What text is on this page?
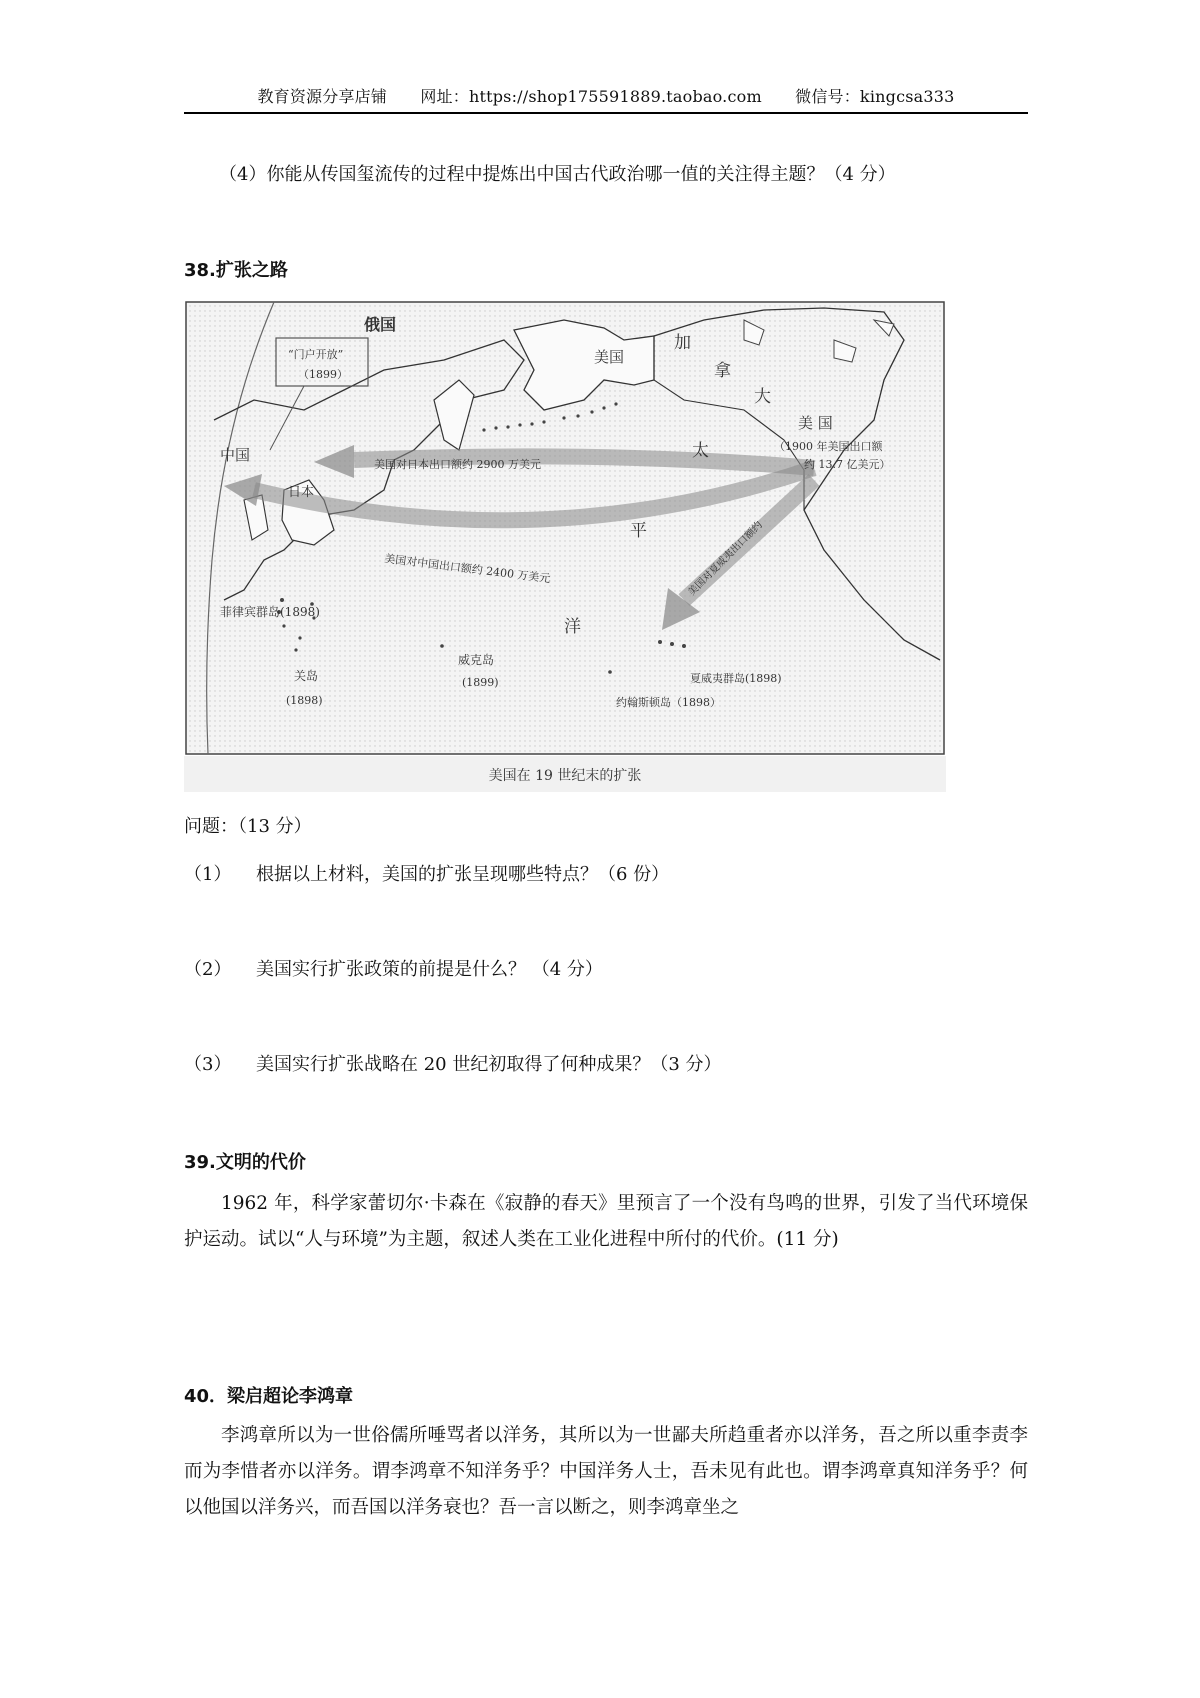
教育资源分享店铺 网址：https://shop175591889.taobao.com 微信号：kingcsa333
（4）你能从传国玺流传的过程中提炼出中国古代政治哪一值的关注得主题？（4 分）
38.扩张之路
俄国
“门户开放”
（1899）
中国
日本
美国
加
拿
大
美 国
（1900 年美国出口额
约 13.7 亿美元）
太
平
洋
美国对日本出口额约 2900 万美元
美国对中国出口额约 2400 万美元	美国对夏威夷出口额约
菲律宾群岛(1898)
关岛
(1898)
威克岛
(1899)	夏威夷群岛(1898)
约翰斯顿岛（1898）
美国在 19 世纪末的扩张
问题：（13 分）
（1） 根据以上材料，美国的扩张呈现哪些特点？（6 份）
（2） 美国实行扩张政策的前提是什么？ （4 分）
（3） 美国实行扩张战略在 20 世纪初取得了何种成果？（3 分）
39.文明的代价
1962 年，科学家蕾切尔·卡森在《寂静的春天》里预言了一个没有鸟鸣的世界，引发了当代环境保护运动。试以“人与环境”为主题，叙述人类在工业化进程中所付的代价。(11 分)
40．梁启超论李鸿章
李鸿章所以为一世俗儒所唾骂者以洋务，其所以为一世鄙夫所趋重者亦以洋务，吾之所以重李责李而为李惜者亦以洋务。谓李鸿章不知洋务乎？中国洋务人士，吾未见有此也。谓李鸿章真知洋务乎？何以他国以洋务兴，而吾国以洋务衰也？吾一言以断之，则李鸿章坐之
